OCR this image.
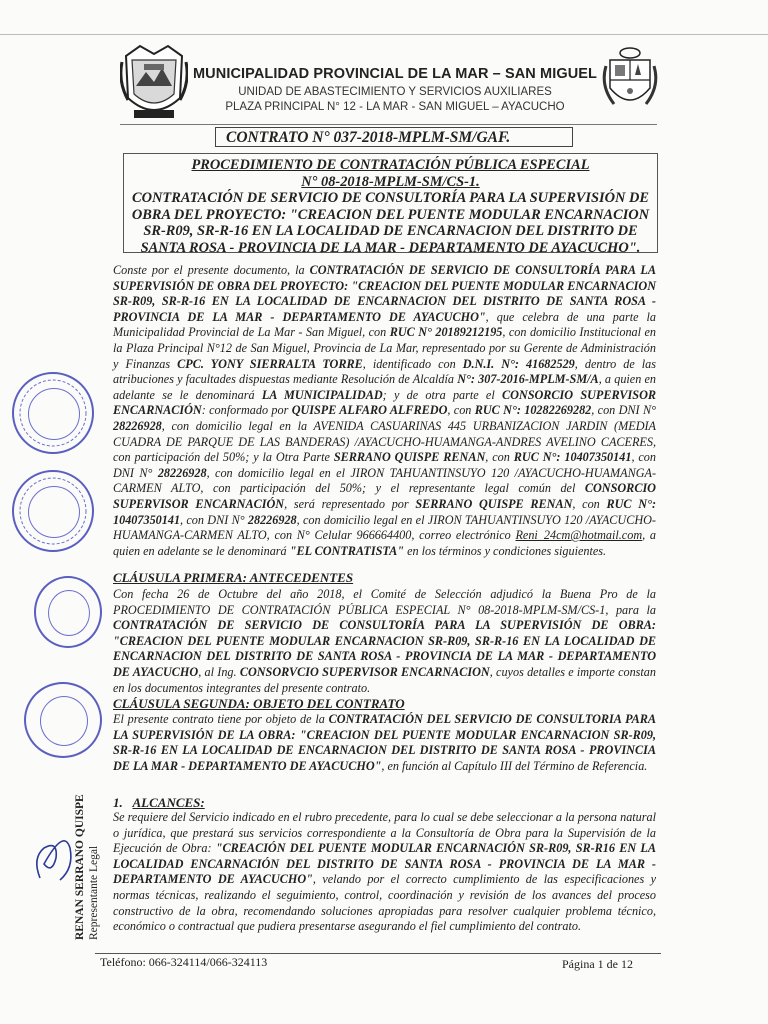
MUNICIPALIDAD PROVINCIAL DE LA MAR – SAN MIGUEL
UNIDAD DE ABASTECIMIENTO Y SERVICIOS AUXILIARES
PLAZA PRINCIPAL N° 12 - LA MAR - SAN MIGUEL – AYACUCHO
CONTRATO N° 037-2018-MPLM-SM/GAF.
PROCEDIMIENTO DE CONTRATACIÓN PÚBLICA ESPECIAL
N° 08-2018-MPLM-SM/CS-1.
CONTRATACIÓN DE SERVICIO DE CONSULTORÍA PARA LA SUPERVISIÓN DE OBRA DEL PROYECTO: "CREACION DEL PUENTE MODULAR ENCARNACION SR-R09, SR-R-16 EN LA LOCALIDAD DE ENCARNACION DEL DISTRITO DE SANTA ROSA - PROVINCIA DE LA MAR - DEPARTAMENTO DE AYACUCHO".
Conste por el presente documento, la CONTRATACIÓN DE SERVICIO DE CONSULTORÍA PARA LA SUPERVISIÓN DE OBRA DEL PROYECTO: "CREACION DEL PUENTE MODULAR ENCARNACION SR-R09, SR-R-16 EN LA LOCALIDAD DE ENCARNACION DEL DISTRITO DE SANTA ROSA - PROVINCIA DE LA MAR - DEPARTAMENTO DE AYACUCHO", que celebra de una parte la Municipalidad Provincial de La Mar - San Miguel, con RUC N° 20189212195, con domicilio Institucional en la Plaza Principal N°12 de San Miguel, Provincia de La Mar, representado por su Gerente de Administración y Finanzas CPC. YONY SIERRALTA TORRE, identificado con D.N.I. N°: 41682529, dentro de las atribuciones y facultades dispuestas mediante Resolución de Alcaldía N°: 307-2016-MPLM-SM/A, a quien en adelante se le denominará LA MUNICIPALIDAD; y de otra parte el CONSORCIO SUPERVISOR ENCARNACIÓN: conformado por QUISPE ALFARO ALFREDO, con RUC N°: 10282269282, con DNI N° 28226928, con domicilio legal en la AVENIDA CASUARINAS 445 URBANIZACION JARDIN (MEDIA CUADRA DE PARQUE DE LAS BANDERAS) /AYACUCHO-HUAMANGA-ANDRES AVELINO CACERES, con participación del 50%; y la Otra Parte SERRANO QUISPE RENAN, con RUC N°: 10407350141, con DNI N° 28226928, con domicilio legal en el JIRON TAHUANTINSUYO 120 /AYACUCHO-HUAMANGA-CARMEN ALTO, con participación del 50%; y el representante legal común del CONSORCIO SUPERVISOR ENCARNACIÓN, será representado por SERRANO QUISPE RENAN, con RUC N°: 10407350141, con DNI N° 28226928, con domicilio legal en el JIRON TAHUANTINSUYO 120 /AYACUCHO-HUAMANGA-CARMEN ALTO, con N° Celular 966664400, correo electrónico Reni_24cm@hotmail.com, a quien en adelante se le denominará "EL CONTRATISTA" en los términos y condiciones siguientes.
CLÁUSULA PRIMERA: ANTECEDENTES
Con fecha 26 de Octubre del año 2018, el Comité de Selección adjudicó la Buena Pro de la PROCEDIMIENTO DE CONTRATACIÓN PÚBLICA ESPECIAL N° 08-2018-MPLM-SM/CS-1, para la CONTRATACIÓN DE SERVICIO DE CONSULTORÍA PARA LA SUPERVISIÓN DE OBRA: "CREACION DEL PUENTE MODULAR ENCARNACION SR-R09, SR-R-16 EN LA LOCALIDAD DE ENCARNACION DEL DISTRITO DE SANTA ROSA - PROVINCIA DE LA MAR - DEPARTAMENTO DE AYACUCHO, al Ing. CONSORVCIO SUPERVISOR ENCARNACION, cuyos detalles e importe constan en los documentos integrantes del presente contrato.
CLÁUSULA SEGUNDA: OBJETO DEL CONTRATO
El presente contrato tiene por objeto de la CONTRATACIÓN DEL SERVICIO DE CONSULTORIA PARA LA SUPERVISIÓN DE LA OBRA: "CREACION DEL PUENTE MODULAR ENCARNACION SR-R09, SR-R-16 EN LA LOCALIDAD DE ENCARNACION DEL DISTRITO DE SANTA ROSA - PROVINCIA DE LA MAR - DEPARTAMENTO DE AYACUCHO", en función al Capítulo III del Término de Referencia.
1. ALCANCES:
Se requiere del Servicio indicado en el rubro precedente, para lo cual se debe seleccionar a la persona natural o jurídica, que prestará sus servicios correspondiente a la Consultoría de Obra para la Supervisión de la Ejecución de Obra: "CREACIÓN DEL PUENTE MODULAR ENCARNACIÓN SR-R09, SR-R16 EN LA LOCALIDAD ENCARNACIÓN DEL DISTRITO DE SANTA ROSA - PROVINCIA DE LA MAR - DEPARTAMENTO DE AYACUCHO", velando por el correcto cumplimiento de las especificaciones y normas técnicas, realizando el seguimiento, control, coordinación y revisión de los avances del proceso constructivo de la obra, recomendando soluciones apropiadas para resolver cualquier problema técnico, económico o contractual que pudiera presentarse asegurando el fiel cumplimiento del contrato.
RENAN SERRANO QUISPE Representante Legal
Teléfono: 066-324114/066-324113	Página 1 de 12
